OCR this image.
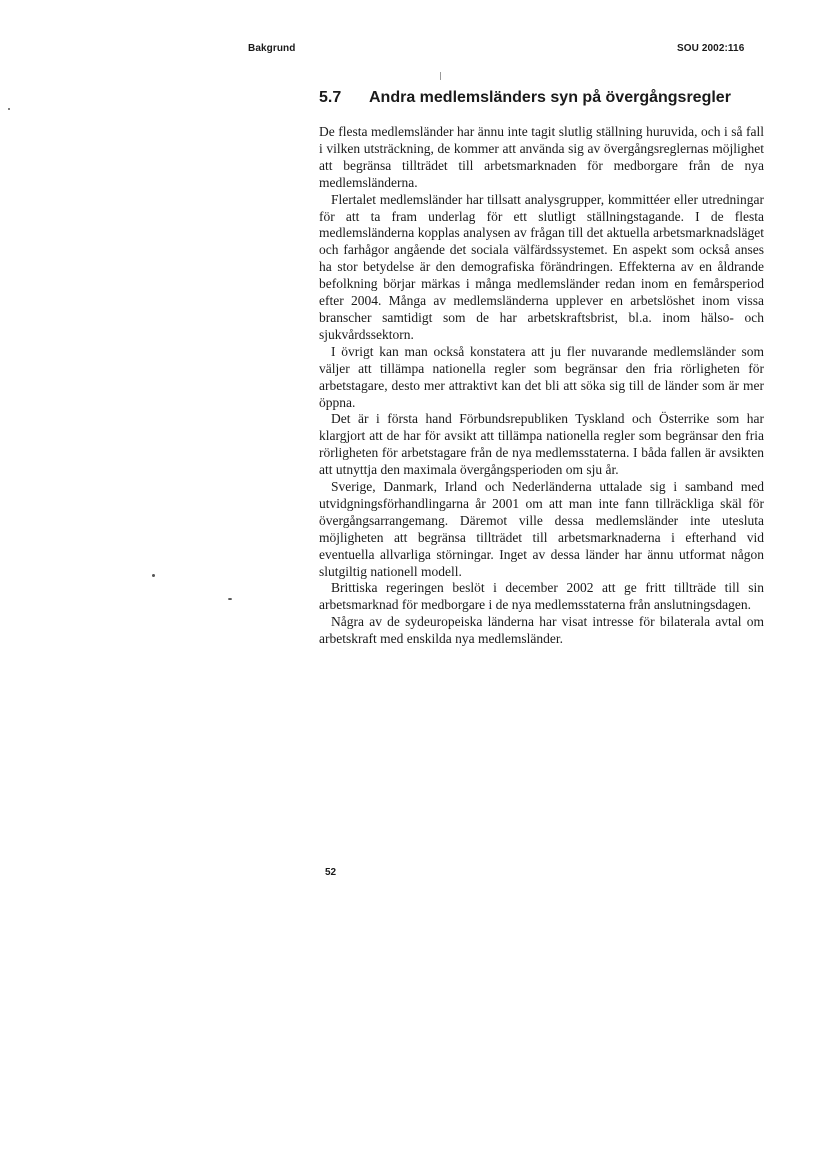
Bakgrund	SOU 2002:116
5.7 Andra medlemsländers syn på övergångsregler

De flesta medlemsländer har ännu inte tagit slutlig ställning huruvida, och i så fall i vilken utsträckning, de kommer att använda sig av övergångsreglernas möjlighet att begränsa tillträdet till arbetsmarknaden för medborgare från de nya medlemsländerna.

Flertalet medlemsländer har tillsatt analysgrupper, kommittéer eller utredningar för att ta fram underlag för ett slutligt ställningstagande. I de flesta medlemsländerna kopplas analysen av frågan till det aktuella arbetsmarknadsläget och farhågor angående det sociala välfärdssystemet. En aspekt som också anses ha stor betydelse är den demografiska förändringen. Effekterna av en åldrande befolkning börjar märkas i många medlemsländer redan inom en femårsperiod efter 2004. Många av medlemsländerna upplever en arbetslöshet inom vissa branscher samtidigt som de har arbetskraftsbrist, bl.a. inom hälso- och sjukvårdssektorn.

I övrigt kan man också konstatera att ju fler nuvarande medlemsländer som väljer att tillämpa nationella regler som begränsar den fria rörligheten för arbetstagare, desto mer attraktivt kan det bli att söka sig till de länder som är mer öppna.

Det är i första hand Förbundsrepubliken Tyskland och Österrike som har klargjort att de har för avsikt att tillämpa nationella regler som begränsar den fria rörligheten för arbetstagare från de nya medlemsstaterna. I båda fallen är avsikten att utnyttja den maximala övergångsperioden om sju år.

Sverige, Danmark, Irland och Nederländerna uttalade sig i samband med utvidgningsförhandlingarna år 2001 om att man inte fann tillräckliga skäl för övergångsarrangemang. Däremot ville dessa medlemsländer inte utesluta möjligheten att begränsa tillträdet till arbetsmarknaderna i efterhand vid eventuella allvarliga störningar. Inget av dessa länder har ännu utformat någon slutgiltig nationell modell.

Brittiska regeringen beslöt i december 2002 att ge fritt tillträde till sin arbetsmarknad för medborgare i de nya medlemsstaterna från anslutningsdagen.

Några av de sydeuropeiska länderna har visat intresse för bilaterala avtal om arbetskraft med enskilda nya medlemsländer.

52
